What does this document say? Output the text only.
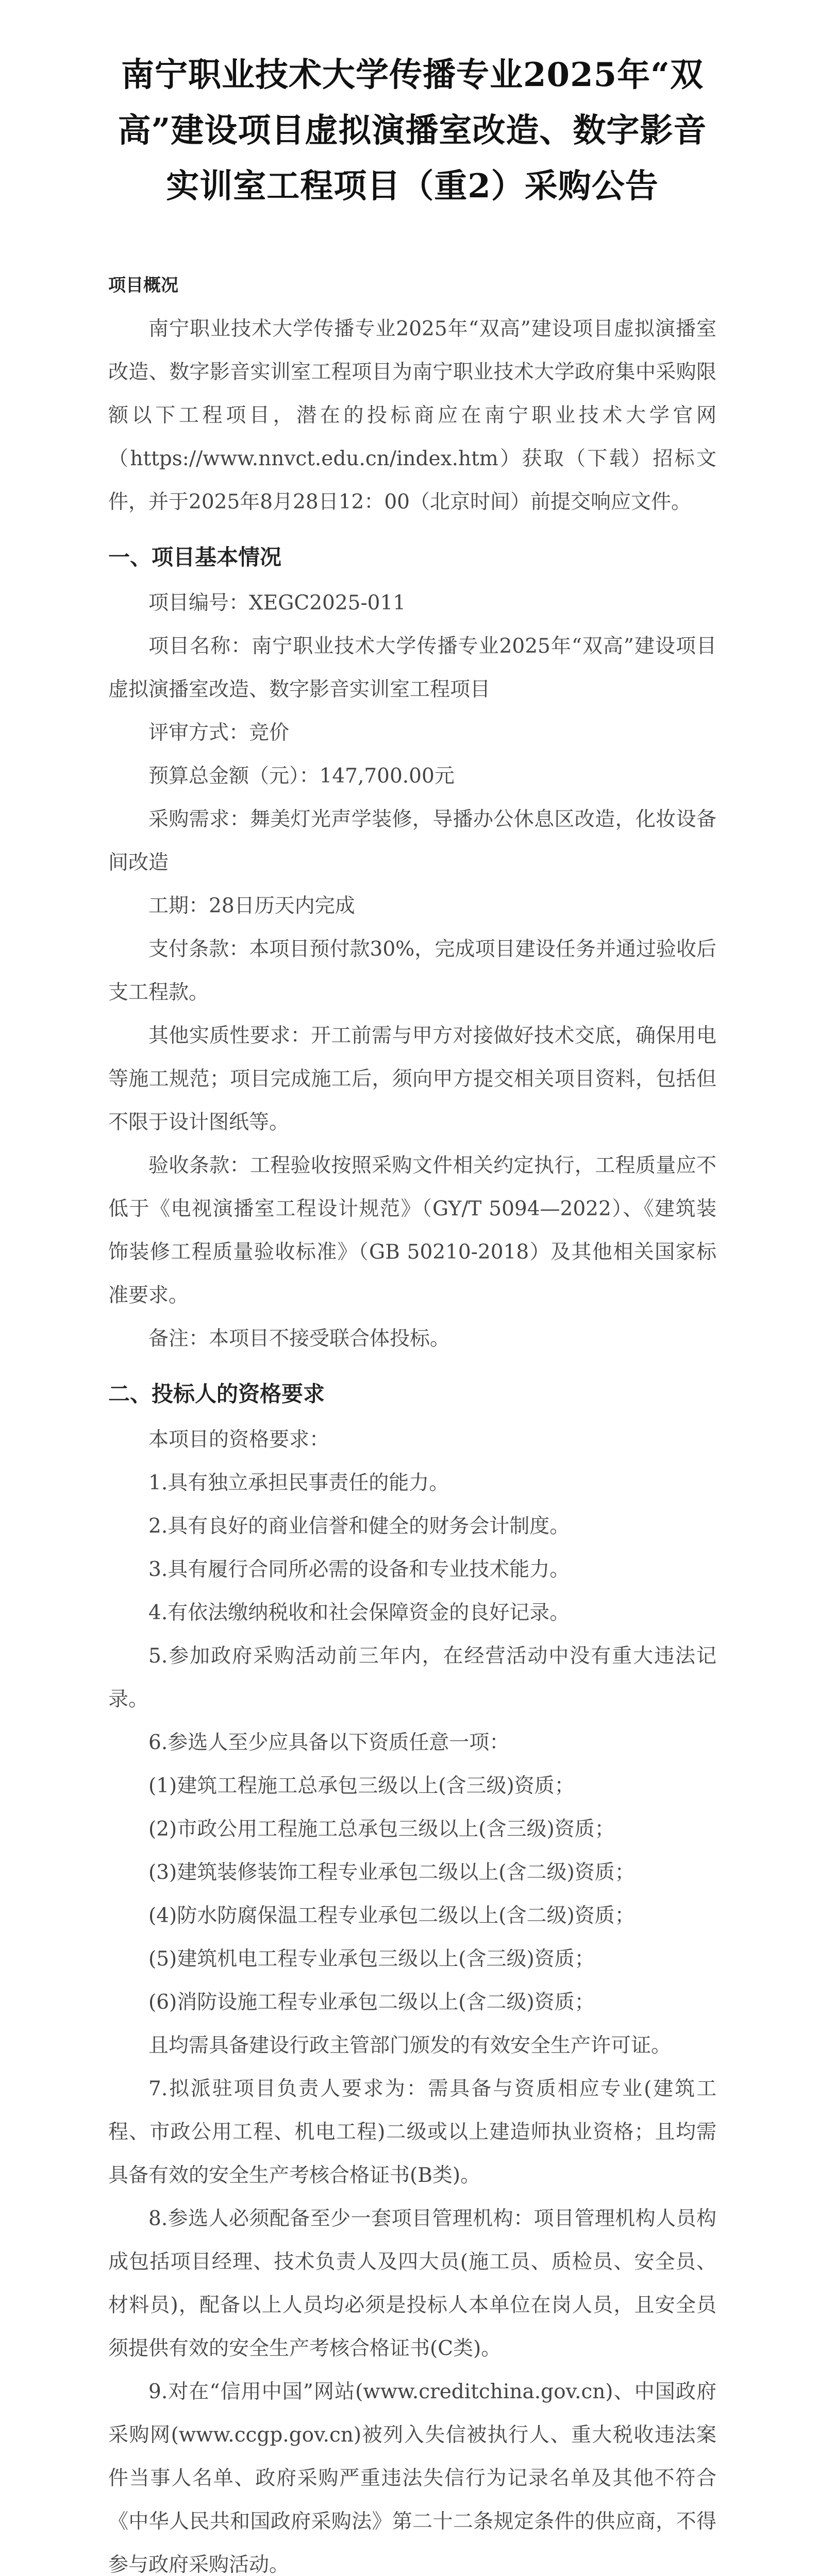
南宁职业技术大学传播专业2025年“双高”建设项目虚拟演播室改造、数字影音实训室工程项目（重2）采购公告
项目概况

南宁职业技术大学传播专业2025年“双高”建设项目虚拟演播室改造、数字影音实训室工程项目为南宁职业技术大学政府集中采购限额以下工程项目，潜在的投标商应在南宁职业技术大学官网（https://www.nnvct.edu.cn/index.htm）获取（下载）招标文件，并于2025年8月28日12：00（北京时间）前提交响应文件。

一、项目基本情况

项目编号：XEGC2025-011

项目名称：南宁职业技术大学传播专业2025年“双高”建设项目虚拟演播室改造、数字影音实训室工程项目

评审方式：竞价

预算总金额（元）：147,700.00元

采购需求：舞美灯光声学装修，导播办公休息区改造，化妆设备间改造

工期：28日历天内完成

支付条款：本项目预付款30%，完成项目建设任务并通过验收后支工程款。

其他实质性要求：开工前需与甲方对接做好技术交底，确保用电等施工规范；项目完成施工后，须向甲方提交相关项目资料，包括但不限于设计图纸等。

验收条款：工程验收按照采购文件相关约定执行，工程质量应不低于《电视演播室工程设计规范》（GY/T 5094—2022）、《建筑装饰装修工程质量验收标准》（GB 50210-2018）及其他相关国家标准要求。

备注：本项目不接受联合体投标。

二、投标人的资格要求

本项目的资格要求：

1.具有独立承担民事责任的能力。

2.具有良好的商业信誉和健全的财务会计制度。

3.具有履行合同所必需的设备和专业技术能力。

4.有依法缴纳税收和社会保障资金的良好记录。

5.参加政府采购活动前三年内，在经营活动中没有重大违法记录。

6.参选人至少应具备以下资质任意一项：

(1)建筑工程施工总承包三级以上(含三级)资质；

(2)市政公用工程施工总承包三级以上(含三级)资质；

(3)建筑装修装饰工程专业承包二级以上(含二级)资质；

(4)防水防腐保温工程专业承包二级以上(含二级)资质；

(5)建筑机电工程专业承包三级以上(含三级)资质；

(6)消防设施工程专业承包二级以上(含二级)资质；

且均需具备建设行政主管部门颁发的有效安全生产许可证。

7.拟派驻项目负责人要求为：需具备与资质相应专业(建筑工程、市政公用工程、机电工程)二级或以上建造师执业资格；且均需具备有效的安全生产考核合格证书(B类)。

8.参选人必须配备至少一套项目管理机构：项目管理机构人员构成包括项目经理、技术负责人及四大员(施工员、质检员、安全员、材料员)，配备以上人员均必须是投标人本单位在岗人员，且安全员须提供有效的安全生产考核合格证书(C类)。

9.对在“信用中国”网站(www.creditchina.gov.cn)、中国政府采购网(www.ccgp.gov.cn)被列入失信被执行人、重大税收违法案件当事人名单、政府采购严重违法失信行为记录名单及其他不符合《中华人民共和国政府采购法》第二十二条规定条件的供应商，不得参与政府采购活动。
